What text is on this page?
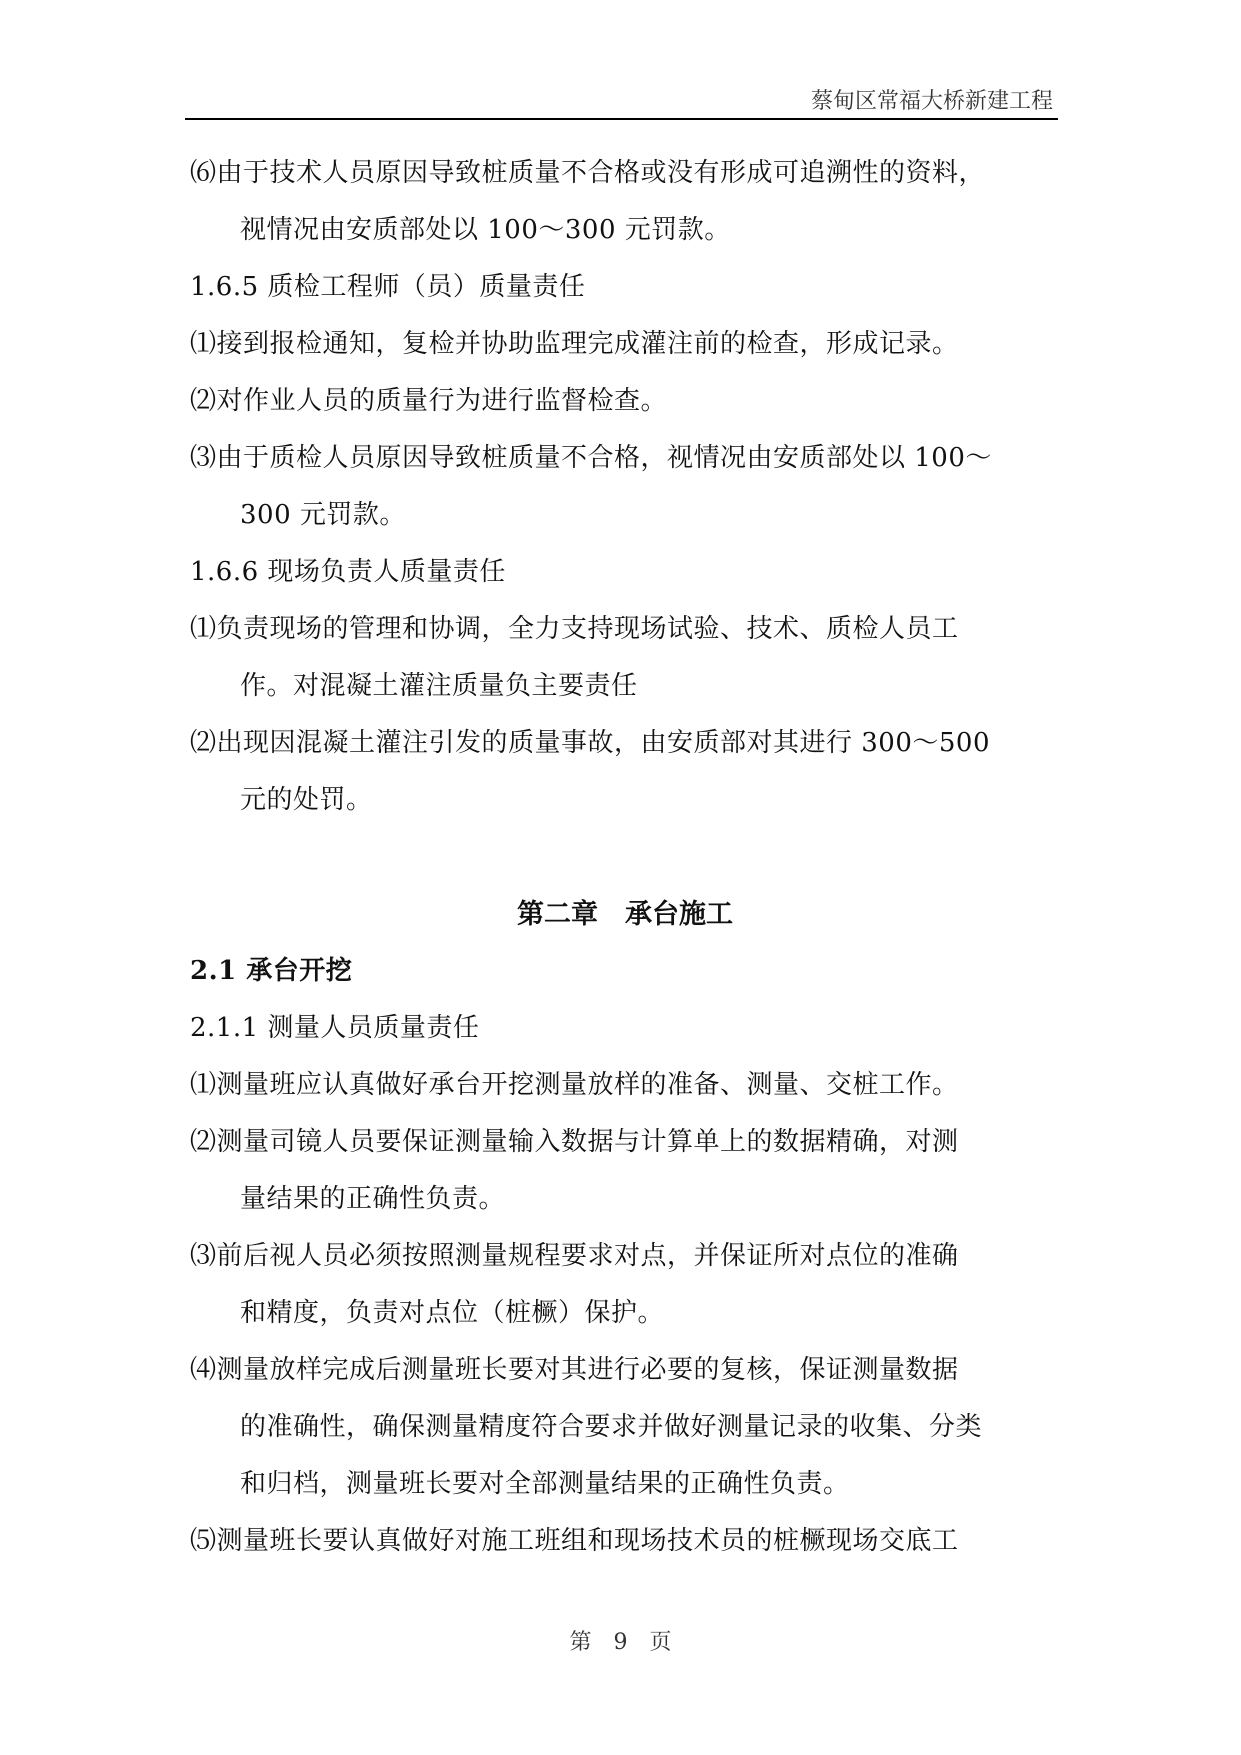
蔡甸区常福大桥新建工程
⑹由于技术人员原因导致桩质量不合格或没有形成可追溯性的资料，
视情况由安质部处以 100～300 元罚款。
1.6.5 质检工程师（员）质量责任
⑴接到报检通知，复检并协助监理完成灌注前的检查，形成记录。
⑵对作业人员的质量行为进行监督检查。
⑶由于质检人员原因导致桩质量不合格，视情况由安质部处以 100～
300 元罚款。
1.6.6 现场负责人质量责任
⑴负责现场的管理和协调，全力支持现场试验、技术、质检人员工
作。对混凝土灌注质量负主要责任
⑵出现因混凝土灌注引发的质量事故，由安质部对其进行 300～500
元的处罚。
第二章　承台施工
2.1 承台开挖
2.1.1 测量人员质量责任
⑴测量班应认真做好承台开挖测量放样的准备、测量、交桩工作。
⑵测量司镜人员要保证测量输入数据与计算单上的数据精确，对测
量结果的正确性负责。
⑶前后视人员必须按照测量规程要求对点，并保证所对点位的准确
和精度，负责对点位（桩橛）保护。
⑷测量放样完成后测量班长要对其进行必要的复核，保证测量数据
的准确性，确保测量精度符合要求并做好测量记录的收集、分类
和归档，测量班长要对全部测量结果的正确性负责。
⑸测量班长要认真做好对施工班组和现场技术员的桩橛现场交底工
第　9　页
